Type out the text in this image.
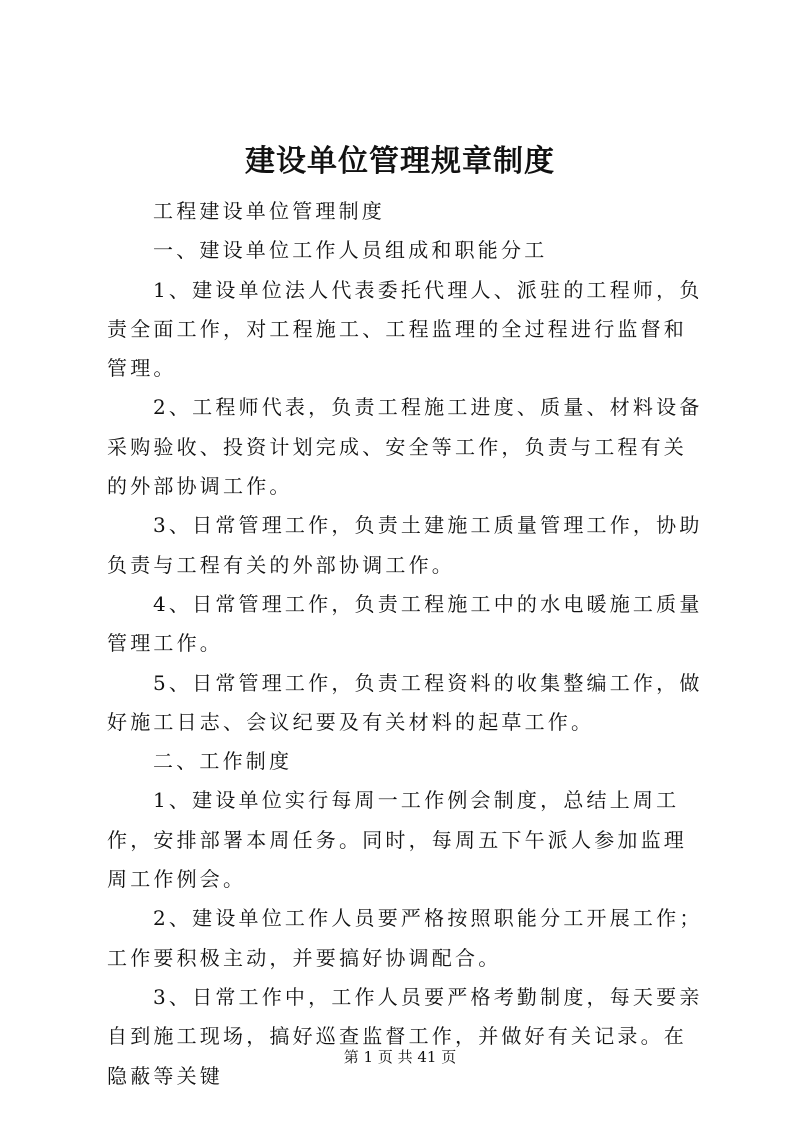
建设单位管理规章制度

工程建设单位管理制度

一、建设单位工作人员组成和职能分工

1、建设单位法人代表委托代理人、派驻的工程师，负责全面工作，对工程施工、工程监理的全过程进行监督和管理。

2、工程师代表，负责工程施工进度、质量、材料设备采购验收、投资计划完成、安全等工作，负责与工程有关的外部协调工作。

3、日常管理工作，负责土建施工质量管理工作，协助负责与工程有关的外部协调工作。

4、日常管理工作，负责工程施工中的水电暖施工质量管理工作。

5、日常管理工作，负责工程资料的收集整编工作，做好施工日志、会议纪要及有关材料的起草工作。

二、工作制度

1、建设单位实行每周一工作例会制度，总结上周工作，安排部署本周任务。同时，每周五下午派人参加监理周工作例会。

2、建设单位工作人员要严格按照职能分工开展工作；工作要积极主动，并要搞好协调配合。

3、日常工作中，工作人员要严格考勤制度，每天要亲自到施工现场，搞好巡查监督工作，并做好有关记录。在隐蔽等关键

第 1 页 共 41 页
